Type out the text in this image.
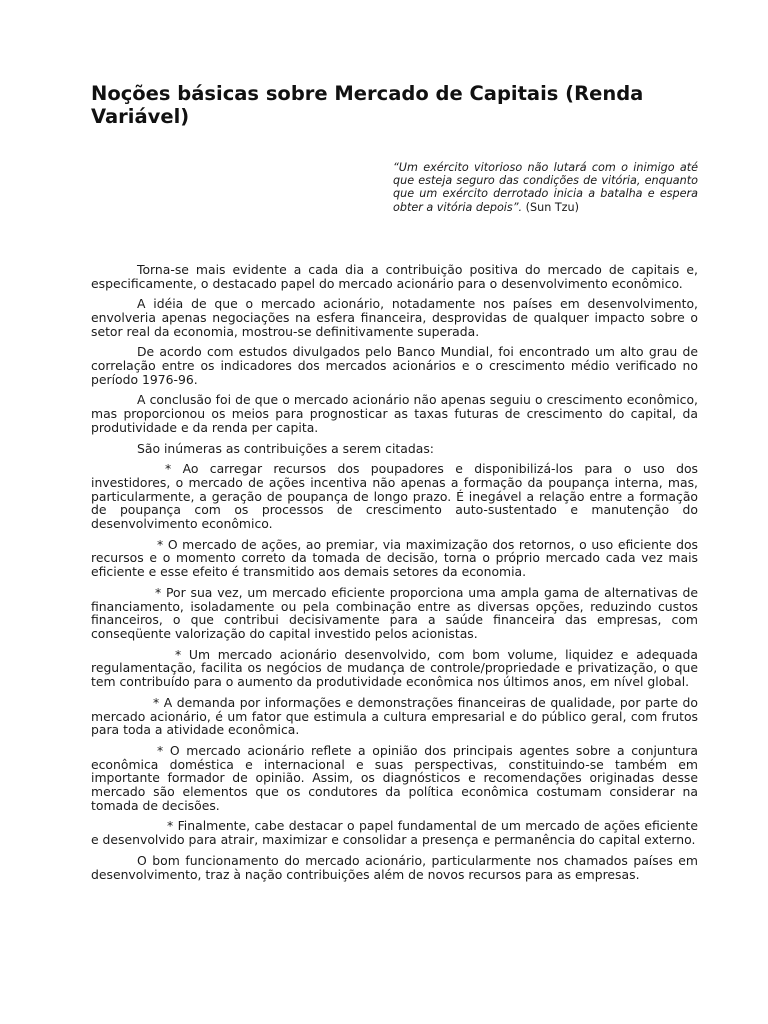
Noções básicas sobre Mercado de Capitais (Renda Variável)
“Um exército vitorioso não lutará com o inimigo até que esteja seguro das condições de vitória, enquanto que um exército derrotado inicia a batalha e espera obter a vitória depois”. (Sun Tzu)

Torna-se mais evidente a cada dia a contribuição positiva do mercado de capitais e, especificamente, o destacado papel do mercado acionário para o desenvolvimento econômico.

A idéia de que o mercado acionário, notadamente nos países em desenvolvimento, envolveria apenas negociações na esfera financeira, desprovidas de qualquer impacto sobre o setor real da economia, mostrou-se definitivamente superada.

De acordo com estudos divulgados pelo Banco Mundial, foi encontrado um alto grau de correlação entre os indicadores dos mercados acionários e o crescimento médio verificado no período 1976-96.

A conclusão foi de que o mercado acionário não apenas seguiu o crescimento econômico, mas proporcionou os meios para prognosticar as taxas futuras de crescimento do capital, da produtividade e da renda per capita.

São inúmeras as contribuições a serem citadas:

* Ao carregar recursos dos poupadores e disponibilizá-los para o uso dos investidores, o mercado de ações incentiva não apenas a formação da poupança interna, mas, particularmente, a geração de poupança de longo prazo. É inegável a relação entre a formação de poupança com os processos de crescimento auto-sustentado e manutenção do desenvolvimento econômico.

* O mercado de ações, ao premiar, via maximização dos retornos, o uso eficiente dos recursos e o momento correto da tomada de decisão, torna o próprio mercado cada vez mais eficiente e esse efeito é transmitido aos demais setores da economia.

* Por sua vez, um mercado eficiente proporciona uma ampla gama de alternativas de financiamento, isoladamente ou pela combinação entre as diversas opções, reduzindo custos financeiros, o que contribui decisivamente para a saúde financeira das empresas, com conseqüente valorização do capital investido pelos acionistas.

* Um mercado acionário desenvolvido, com bom volume, liquidez e adequada regulamentação, facilita os negócios de mudança de controle/propriedade e privatização, o que tem contribuído para o aumento da produtividade econômica nos últimos anos, em nível global.

* A demanda por informações e demonstrações financeiras de qualidade, por parte do mercado acionário, é um fator que estimula a cultura empresarial e do público geral, com frutos para toda a atividade econômica.

* O mercado acionário reflete a opinião dos principais agentes sobre a conjuntura econômica doméstica e internacional e suas perspectivas, constituindo-se também em importante formador de opinião. Assim, os diagnósticos e recomendações originadas desse mercado são elementos que os condutores da política econômica costumam considerar na tomada de decisões.

* Finalmente, cabe destacar o papel fundamental de um mercado de ações eficiente e desenvolvido para atrair, maximizar e consolidar a presença e permanência do capital externo.

O bom funcionamento do mercado acionário, particularmente nos chamados países em desenvolvimento, traz à nação contribuições além de novos recursos para as empresas.
